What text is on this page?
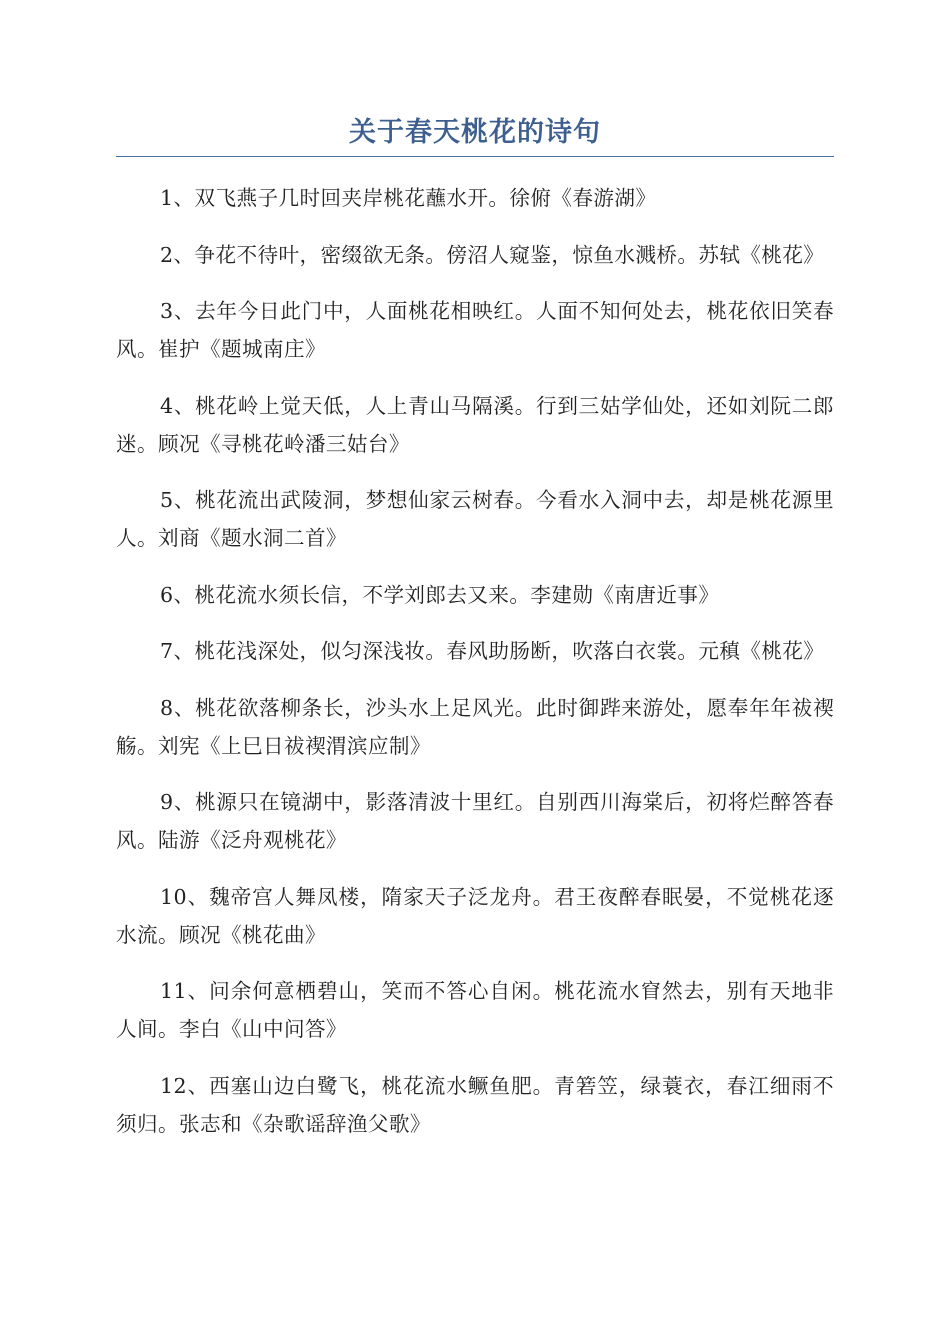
关于春天桃花的诗句

1、双飞燕子几时回夹岸桃花蘸水开。徐俯《春游湖》

2、争花不待叶，密缀欲无条。傍沼人窥鉴，惊鱼水溅桥。苏轼《桃花》

3、去年今日此门中，人面桃花相映红。人面不知何处去，桃花依旧笑春风。崔护《题城南庄》

4、桃花岭上觉天低，人上青山马隔溪。行到三姑学仙处，还如刘阮二郎迷。顾况《寻桃花岭潘三姑台》

5、桃花流出武陵洞，梦想仙家云树春。今看水入洞中去，却是桃花源里人。刘商《题水洞二首》

6、桃花流水须长信，不学刘郎去又来。李建勋《南唐近事》

7、桃花浅深处，似匀深浅妆。春风助肠断，吹落白衣裳。元稹《桃花》

8、桃花欲落柳条长，沙头水上足风光。此时御跸来游处，愿奉年年祓禊觞。刘宪《上巳日祓禊渭滨应制》

9、桃源只在镜湖中，影落清波十里红。自别西川海棠后，初将烂醉答春风。陆游《泛舟观桃花》

10、魏帝宫人舞凤楼，隋家天子泛龙舟。君王夜醉春眠晏，不觉桃花逐水流。顾况《桃花曲》

11、问余何意栖碧山，笑而不答心自闲。桃花流水窅然去，别有天地非人间。李白《山中问答》

12、西塞山边白鹭飞，桃花流水鳜鱼肥。青箬笠，绿蓑衣，春江细雨不须归。张志和《杂歌谣辞渔父歌》
